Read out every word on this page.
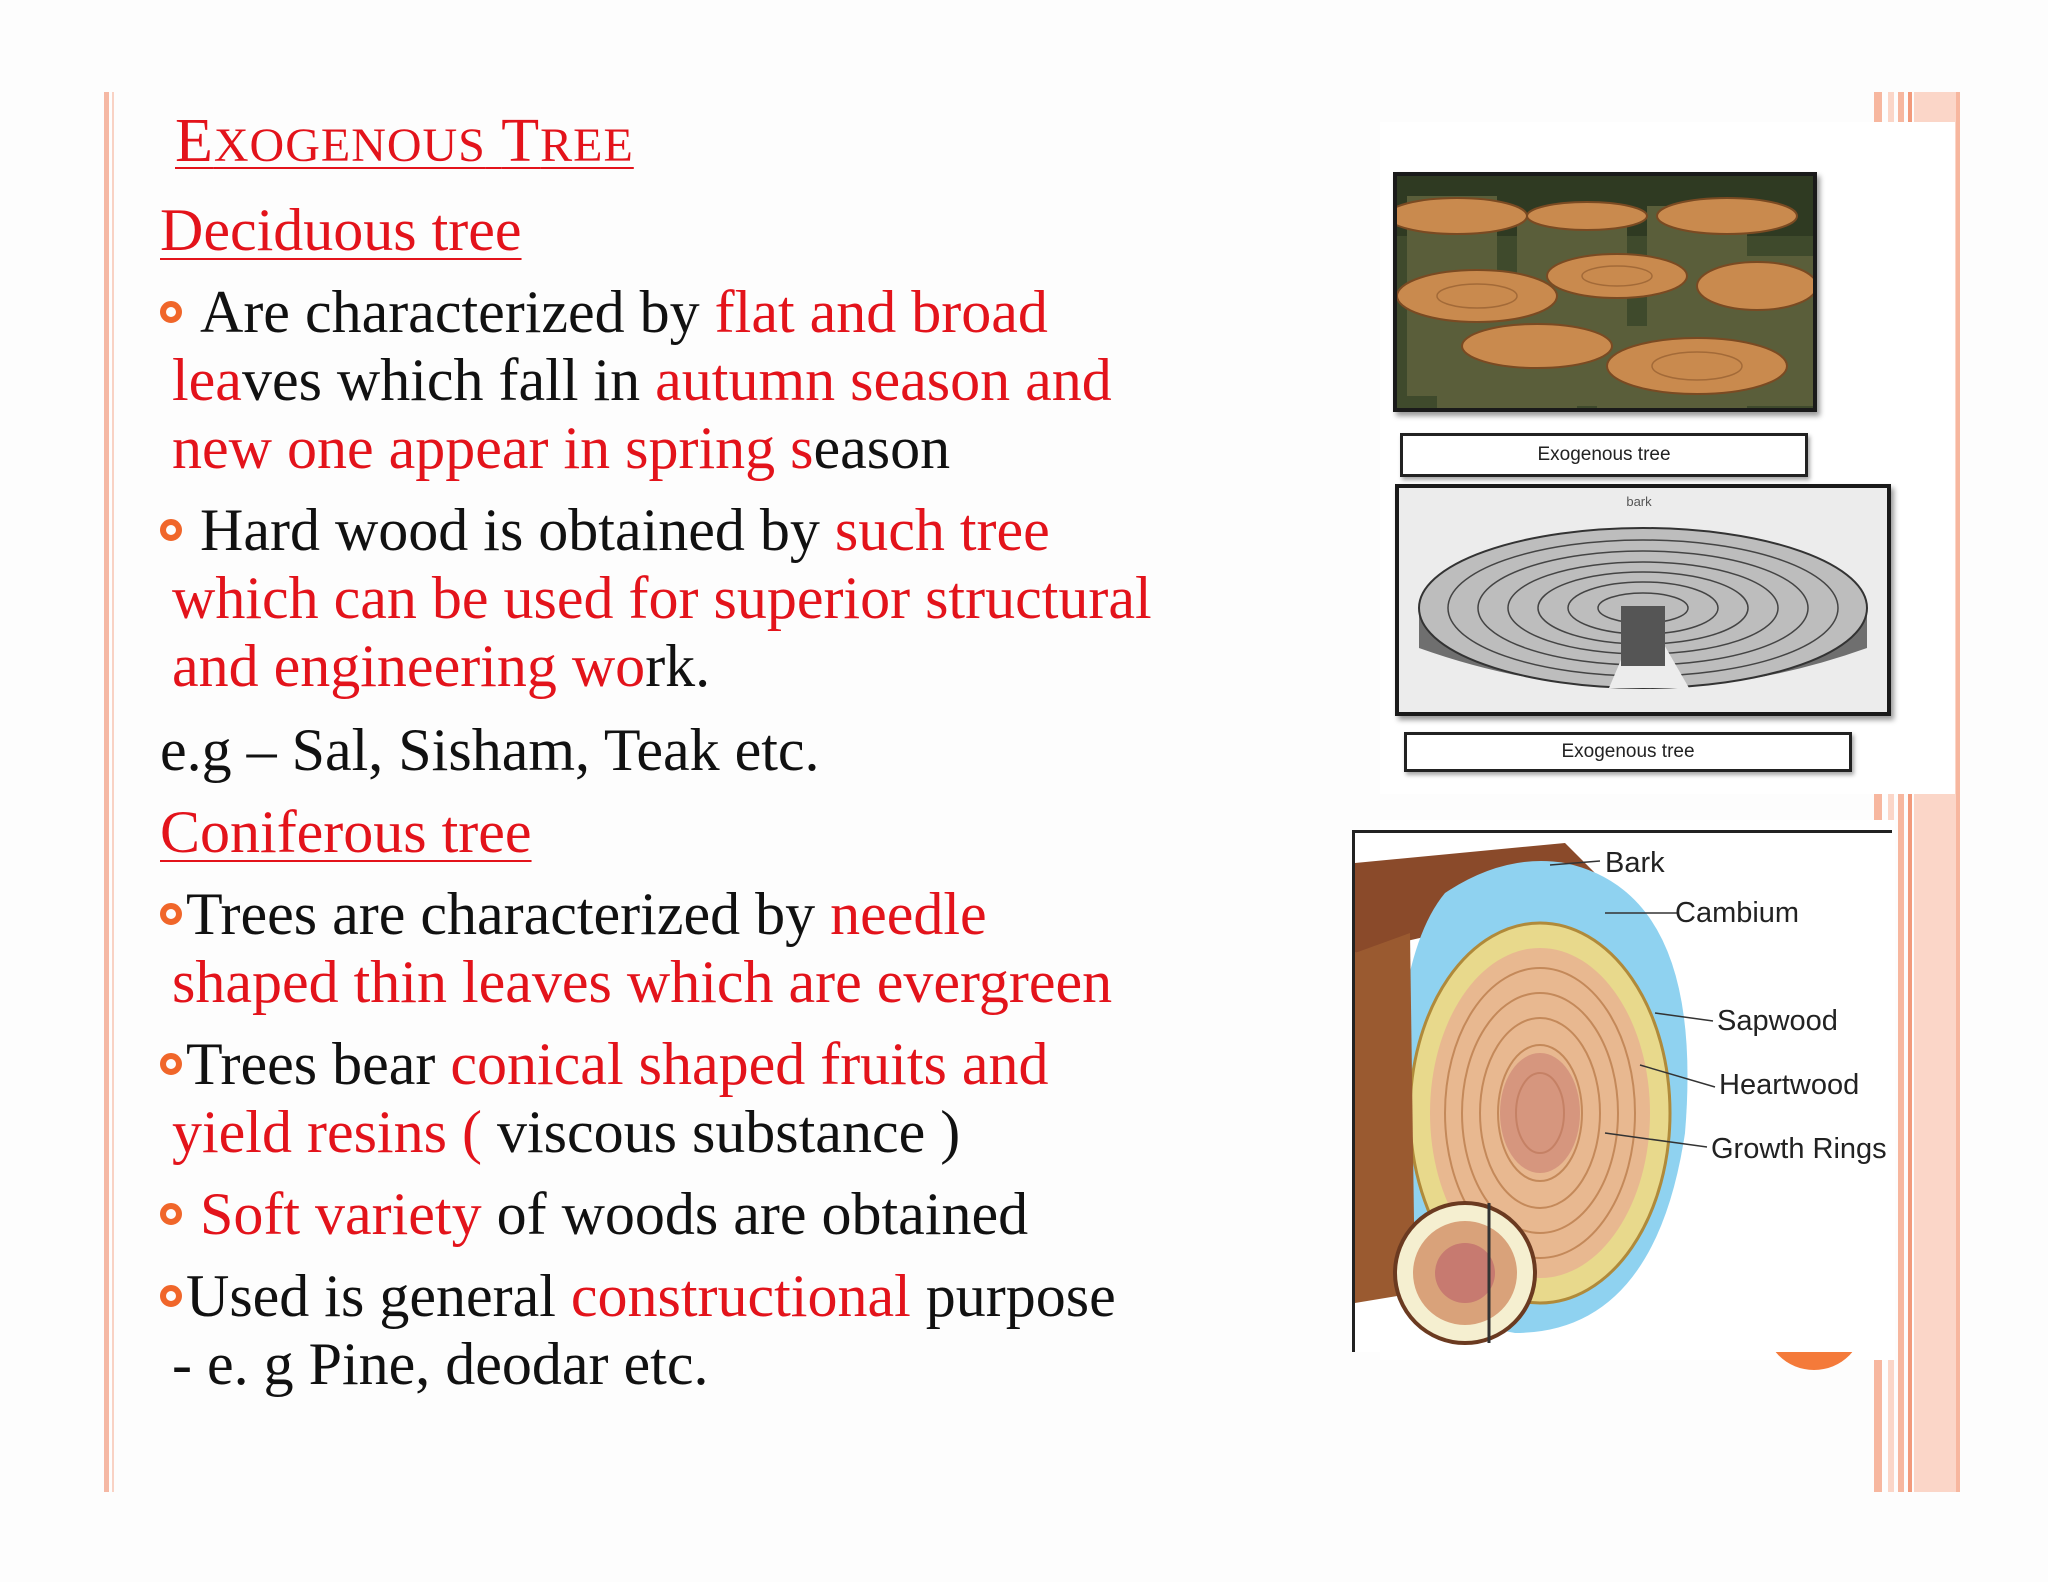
EXOGENOUS TREE
Deciduous tree
Are characterized by flat and broad
leaves which fall in autumn season and
new one appear in spring season
Hard wood is obtained by such tree
which can be used for superior structural
and engineering work.
e.g – Sal, Sisham, Teak etc.
Coniferous tree
Trees are characterized by needle
shaped thin leaves which are evergreen
Trees bear conical shaped fruits and
yield resins ( viscous substance )
Soft variety of woods are obtained
Used is general constructional purpose
- e. g Pine, deodar etc.
Exogenous tree
bark
Exogenous tree
Bark
Cambium
Sapwood
Heartwood
Growth Rings
